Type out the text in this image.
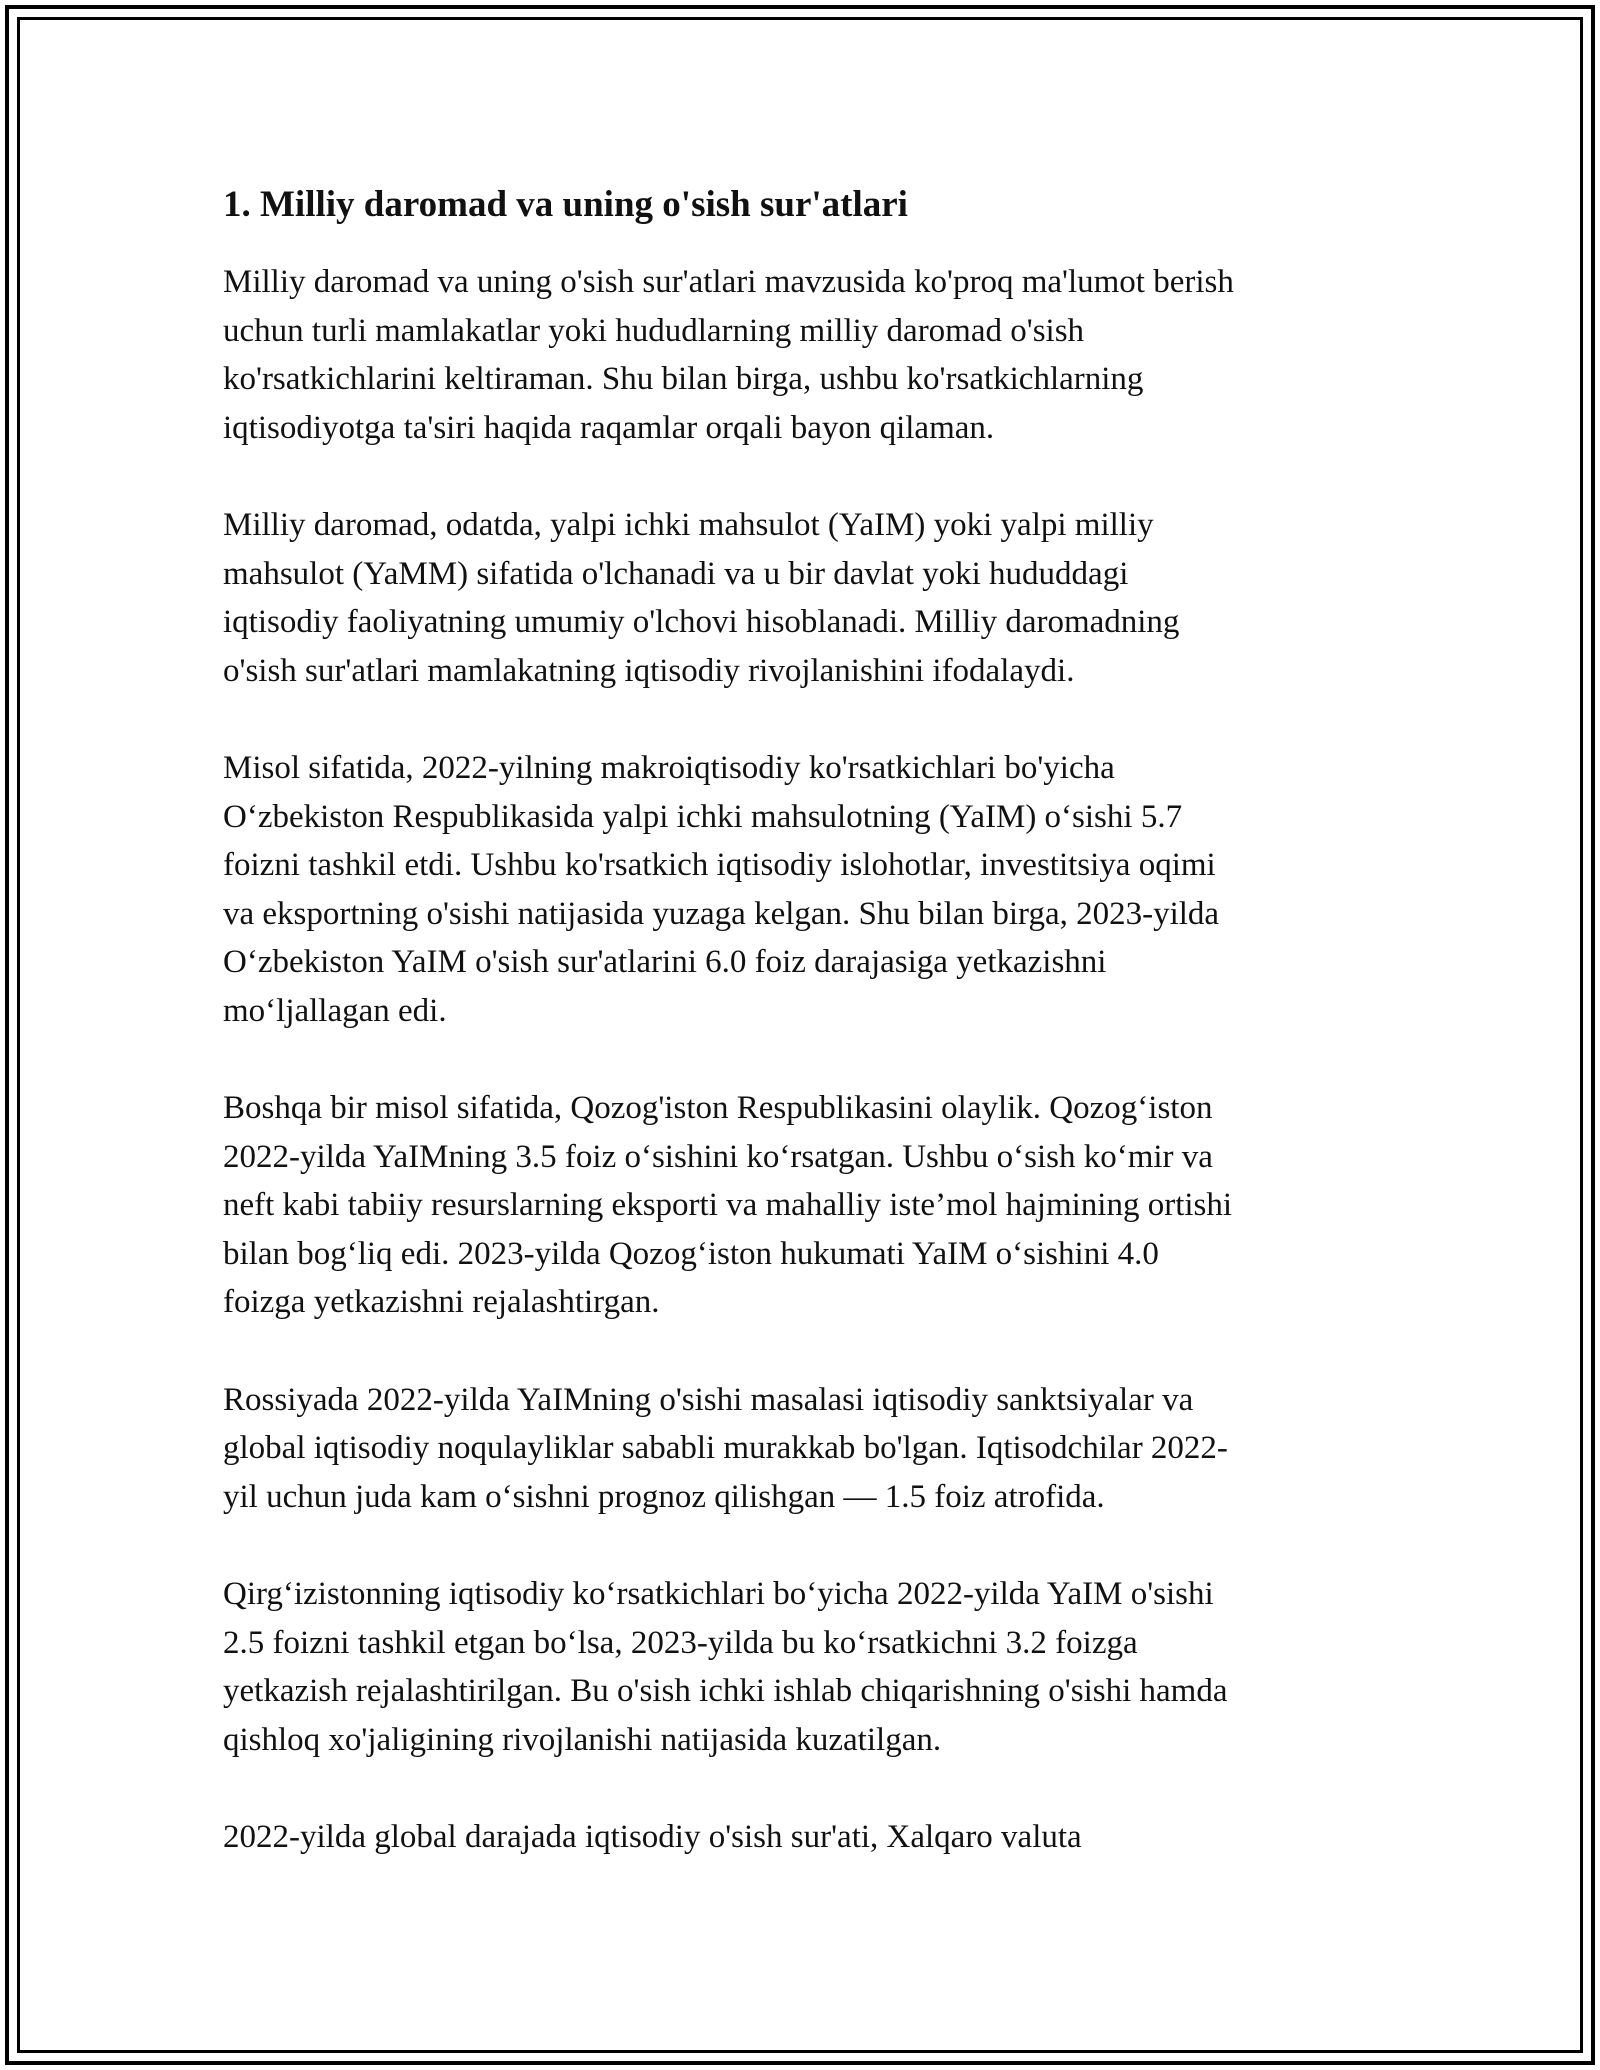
1. Milliy daromad va uning o'sish sur'atlari
Milliy daromad va uning o'sish sur'atlari mavzusida ko'proq ma'lumot berish
uchun turli mamlakatlar yoki hududlarning milliy daromad o'sish
ko'rsatkichlarini keltiraman. Shu bilan birga, ushbu ko'rsatkichlarning
iqtisodiyotga ta'siri haqida raqamlar orqali bayon qilaman.
Milliy daromad, odatda, yalpi ichki mahsulot (YaIM) yoki yalpi milliy
mahsulot (YaMM) sifatida o'lchanadi va u bir davlat yoki hududdagi
iqtisodiy faoliyatning umumiy o'lchovi hisoblanadi. Milliy daromadning
o'sish sur'atlari mamlakatning iqtisodiy rivojlanishini ifodalaydi.
Misol sifatida, 2022-yilning makroiqtisodiy ko'rsatkichlari bo'yicha
O‘zbekiston Respublikasida yalpi ichki mahsulotning (YaIM) o‘sishi 5.7
foizni tashkil etdi. Ushbu ko'rsatkich iqtisodiy islohotlar, investitsiya oqimi
va eksportning o'sishi natijasida yuzaga kelgan. Shu bilan birga, 2023-yilda
O‘zbekiston YaIM o'sish sur'atlarini 6.0 foiz darajasiga yetkazishni
mo‘ljallagan edi.
Boshqa bir misol sifatida, Qozog'iston Respublikasini olaylik. Qozog‘iston
2022-yilda YaIMning 3.5 foiz o‘sishini ko‘rsatgan. Ushbu o‘sish ko‘mir va
neft kabi tabiiy resurslarning eksporti va mahalliy iste’mol hajmining ortishi
bilan bog‘liq edi. 2023-yilda Qozog‘iston hukumati YaIM o‘sishini 4.0
foizga yetkazishni rejalashtirgan.
Rossiyada 2022-yilda YaIMning o'sishi masalasi iqtisodiy sanktsiyalar va
global iqtisodiy noqulayliklar sababli murakkab bo'lgan. Iqtisodchilar 2022-
yil uchun juda kam o‘sishni prognoz qilishgan — 1.5 foiz atrofida.
Qirg‘izistonning iqtisodiy ko‘rsatkichlari bo‘yicha 2022-yilda YaIM o'sishi
2.5 foizni tashkil etgan bo‘lsa, 2023-yilda bu ko‘rsatkichni 3.2 foizga
yetkazish rejalashtirilgan. Bu o'sish ichki ishlab chiqarishning o'sishi hamda
qishloq xo'jaligining rivojlanishi natijasida kuzatilgan.
2022-yilda global darajada iqtisodiy o'sish sur'ati, Xalqaro valuta
